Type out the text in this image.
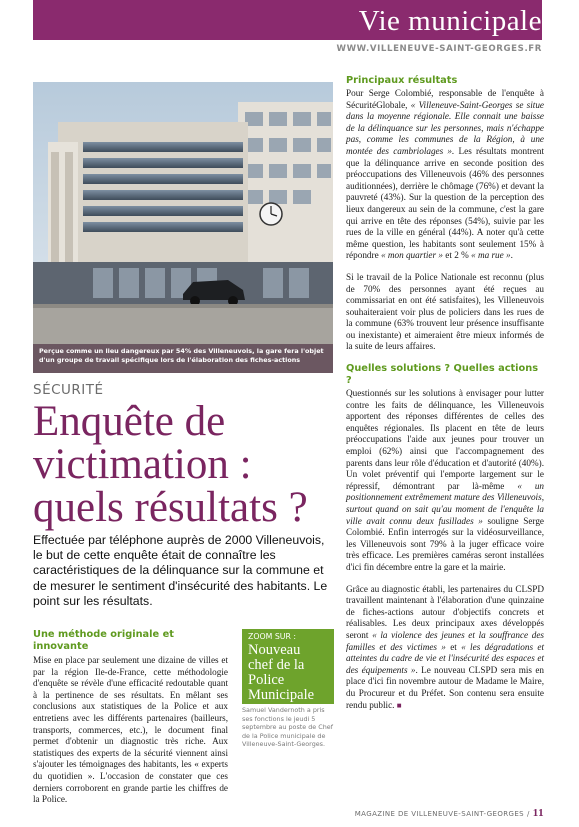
Vie municipale
WWW.VILLENEUVE-SAINT-GEORGES.FR
Perçue comme un lieu dangereux par 54% des Villeneuvois, la gare fera l'objet d'un groupe de travail spécifique lors de l'élaboration des fiches-actions
SÉCURITÉ
Enquête de
victimation :
quels résultats ?
Effectuée par téléphone auprès de 2000 Villeneuvois, le but de cette enquête était de connaître les caractéristiques de la délinquance sur la commune et de mesurer le sentiment d'insécurité des habitants. Le point sur les résultats.
Une méthode originale et innovante

Mise en place par seulement une dizaine de villes et par la région Ile-de-France, cette méthodologie d'enquête se révèle d'une efficacité redoutable quant à la pertinence de ses résultats. En mêlant ses conclusions aux statistiques de la Police et aux entretiens avec les différents partenaires (bailleurs, transports, commerces, etc.), le document final permet d'obtenir un diagnostic très riche. Aux statistiques des experts de la sécurité viennent ainsi s'ajouter les témoignages des habitants, les « experts du quotidien ». L'occasion de constater que ces derniers corroborent en grande partie les chiffres de la Police.

ZOOM SUR :
Nouveau chef de la Police Municipale
Samuel Vandernoth a pris ses fonctions le jeudi 5 septembre au poste de Chef de la Police municipale de Villeneuve-Saint-Georges.
Principaux résultats

Pour Serge Colombié, responsable de l'enquête à SécuritéGlobale, « Villeneuve-Saint-Georges se situe dans la moyenne régionale. Elle connait une baisse de la délinquance sur les personnes, mais n'échappe pas, comme les communes de la Région, à une montée des cambriolages ». Les résultats montrent que la délinquance arrive en seconde position des préoccupations des Villeneuvois (46% des personnes auditionnées), derrière le chômage (76%) et devant la pauvreté (43%). Sur la question de la perception des lieux dangereux au sein de la commune, c'est la gare qui arrive en tête des réponses (54%), suivie par les rues de la ville en général (44%). A noter qu'à cette même question, les habitants sont seulement 15% à répondre « mon quartier » et 2 % « ma rue ».

Si le travail de la Police Nationale est reconnu (plus de 70% des personnes ayant été reçues au commissariat en ont été satisfaites), les Villeneuvois souhaiteraient voir plus de policiers dans les rues de la commune (63% trouvent leur présence insuffisante ou inexistante) et aimeraient être mieux informés de la suite de leurs affaires.

Quelles solutions ? Quelles actions ?

Questionnés sur les solutions à envisager pour lutter contre les faits de délinquance, les Villeneuvois apportent des réponses différentes de celles des enquêtes régionales. Ils placent en tête de leurs préoccupations l'aide aux jeunes pour trouver un emploi (62%) ainsi que l'accompagnement des parents dans leur rôle d'éducation et d'autorité (40%). Un volet préventif qui l'emporte largement sur le répressif, démontrant par là-même « un positionnement extrêmement mature des Villeneuvois, surtout quand on sait qu'au moment de l'enquête la ville avait connu deux fusillades » souligne Serge Colombié. Enfin interrogés sur la vidéosurveillance, les Villeneuvois sont 79% à la juger efficace voire très efficace. Les premières caméras seront installées d'ici fin décembre entre la gare et la mairie.

Grâce au diagnostic établi, les partenaires du CLSPD travaillent maintenant à l'élaboration d'une quinzaine de fiches-actions autour d'objectifs concrets et réalisables. Les deux principaux axes développés seront « la violence des jeunes et la souffrance des familles et des victimes » et « les dégradations et atteintes du cadre de vie et l'insécurité des espaces et des équipements ». Le nouveau CLSPD sera mis en place d'ici fin novembre autour de Madame le Maire, du Procureur et du Préfet. Son contenu sera ensuite rendu public. ■

MAGAZINE DE VILLENEUVE-SAINT-GEORGES / 11
